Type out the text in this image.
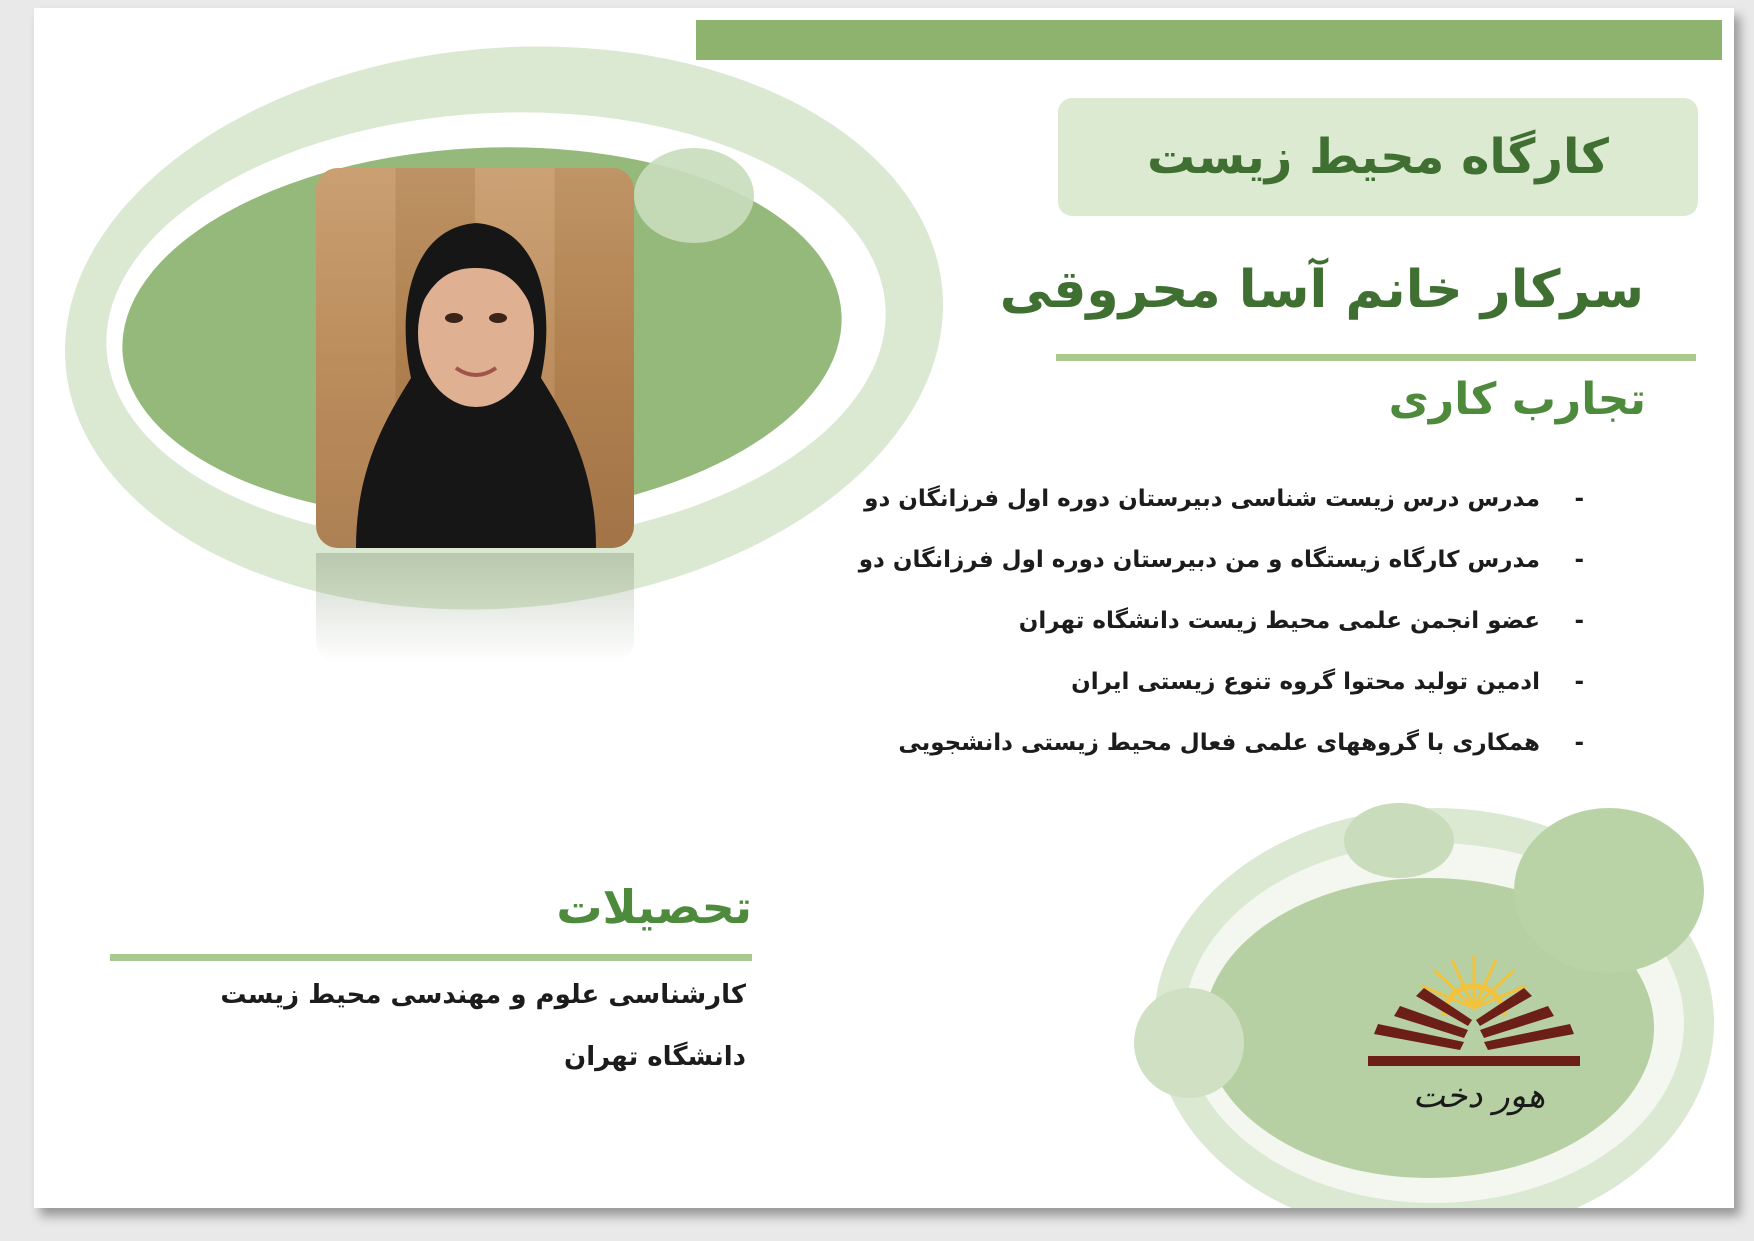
کارگاه محیط زیست
سرکار خانم آسا محروقی
تجارب کاری
-
مدرس درس زیست شناسی دبیرستان دوره اول فرزانگان دو
-
مدرس کارگاه زیستگاه و من دبیرستان دوره اول فرزانگان دو
-
عضو انجمن علمی محیط زیست دانشگاه تهران
-
ادمین تولید محتوا گروه تنوع زیستی ایران
-
همکاری با گروههای علمی فعال محیط زیستی دانشجویی
تحصیلات
کارشناسی علوم و مهندسی محیط زیست
دانشگاه تهران
هور دخت
